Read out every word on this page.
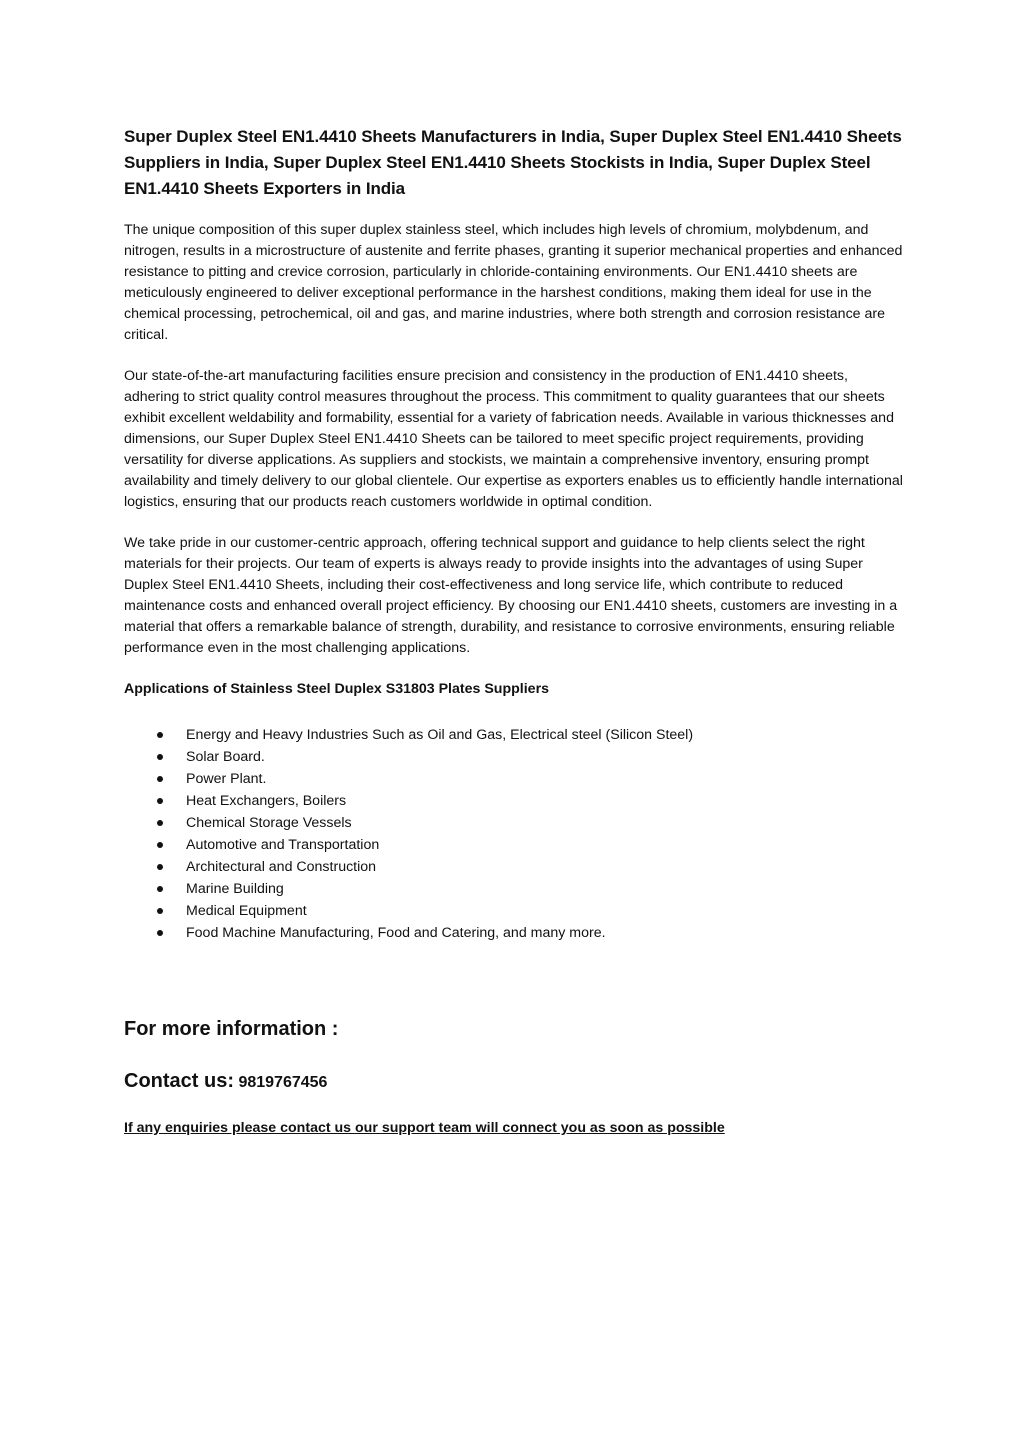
Super Duplex Steel EN1.4410 Sheets Manufacturers in India, Super Duplex Steel EN1.4410 Sheets Suppliers in India, Super Duplex Steel EN1.4410 Sheets Stockists in India, Super Duplex Steel EN1.4410 Sheets Exporters in India

The unique composition of this super duplex stainless steel, which includes high levels of chromium, molybdenum, and nitrogen, results in a microstructure of austenite and ferrite phases, granting it superior mechanical properties and enhanced resistance to pitting and crevice corrosion, particularly in chloride-containing environments. Our EN1.4410 sheets are meticulously engineered to deliver exceptional performance in the harshest conditions, making them ideal for use in the chemical processing, petrochemical, oil and gas, and marine industries, where both strength and corrosion resistance are critical.

Our state-of-the-art manufacturing facilities ensure precision and consistency in the production of EN1.4410 sheets, adhering to strict quality control measures throughout the process. This commitment to quality guarantees that our sheets exhibit excellent weldability and formability, essential for a variety of fabrication needs. Available in various thicknesses and dimensions, our Super Duplex Steel EN1.4410 Sheets can be tailored to meet specific project requirements, providing versatility for diverse applications. As suppliers and stockists, we maintain a comprehensive inventory, ensuring prompt availability and timely delivery to our global clientele. Our expertise as exporters enables us to efficiently handle international logistics, ensuring that our products reach customers worldwide in optimal condition.

We take pride in our customer-centric approach, offering technical support and guidance to help clients select the right materials for their projects. Our team of experts is always ready to provide insights into the advantages of using Super Duplex Steel EN1.4410 Sheets, including their cost-effectiveness and long service life, which contribute to reduced maintenance costs and enhanced overall project efficiency. By choosing our EN1.4410 sheets, customers are investing in a material that offers a remarkable balance of strength, durability, and resistance to corrosive environments, ensuring reliable performance even in the most challenging applications.

Applications of Stainless Steel Duplex S31803 Plates Suppliers

Energy and Heavy Industries Such as Oil and Gas, Electrical steel (Silicon Steel)
Solar Board.
Power Plant.
Heat Exchangers, Boilers
Chemical Storage Vessels
Automotive and Transportation
Architectural and Construction
Marine Building
Medical Equipment
Food Machine Manufacturing, Food and Catering, and many more.
For more information :

Contact us: 9819767456

If any enquiries please contact us our support team will connect you as soon as possible
